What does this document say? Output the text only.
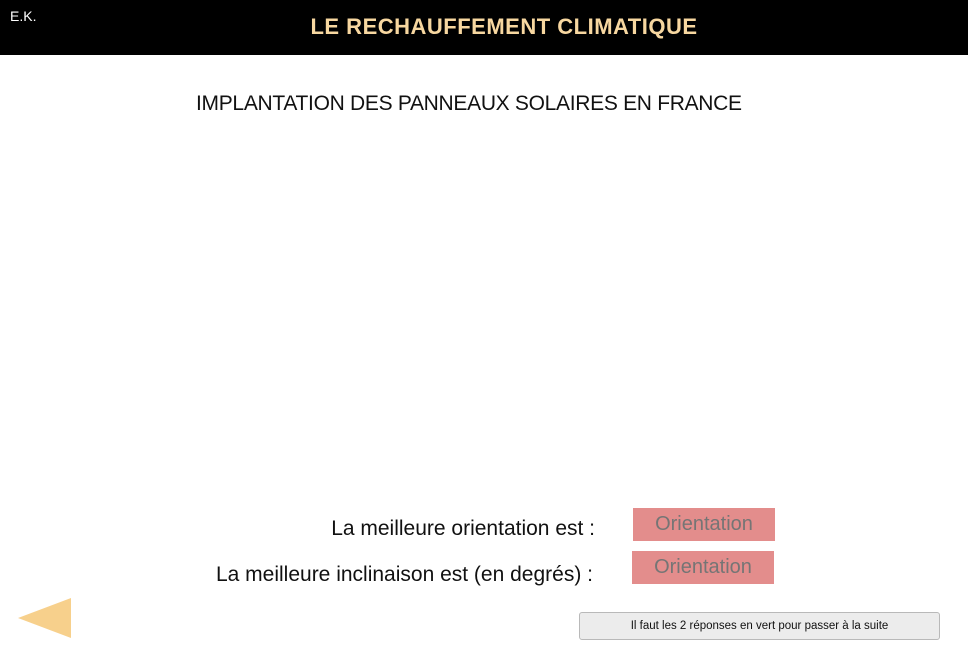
E.K.	LE RECHAUFFEMENT CLIMATIQUE
IMPLANTATION DES PANNEAUX SOLAIRES EN FRANCE
La meilleure orientation est :
Orientation
La meilleure inclinaison est (en degrés) :
Orientation
Il faut les 2 réponses en vert pour passer à la suite
